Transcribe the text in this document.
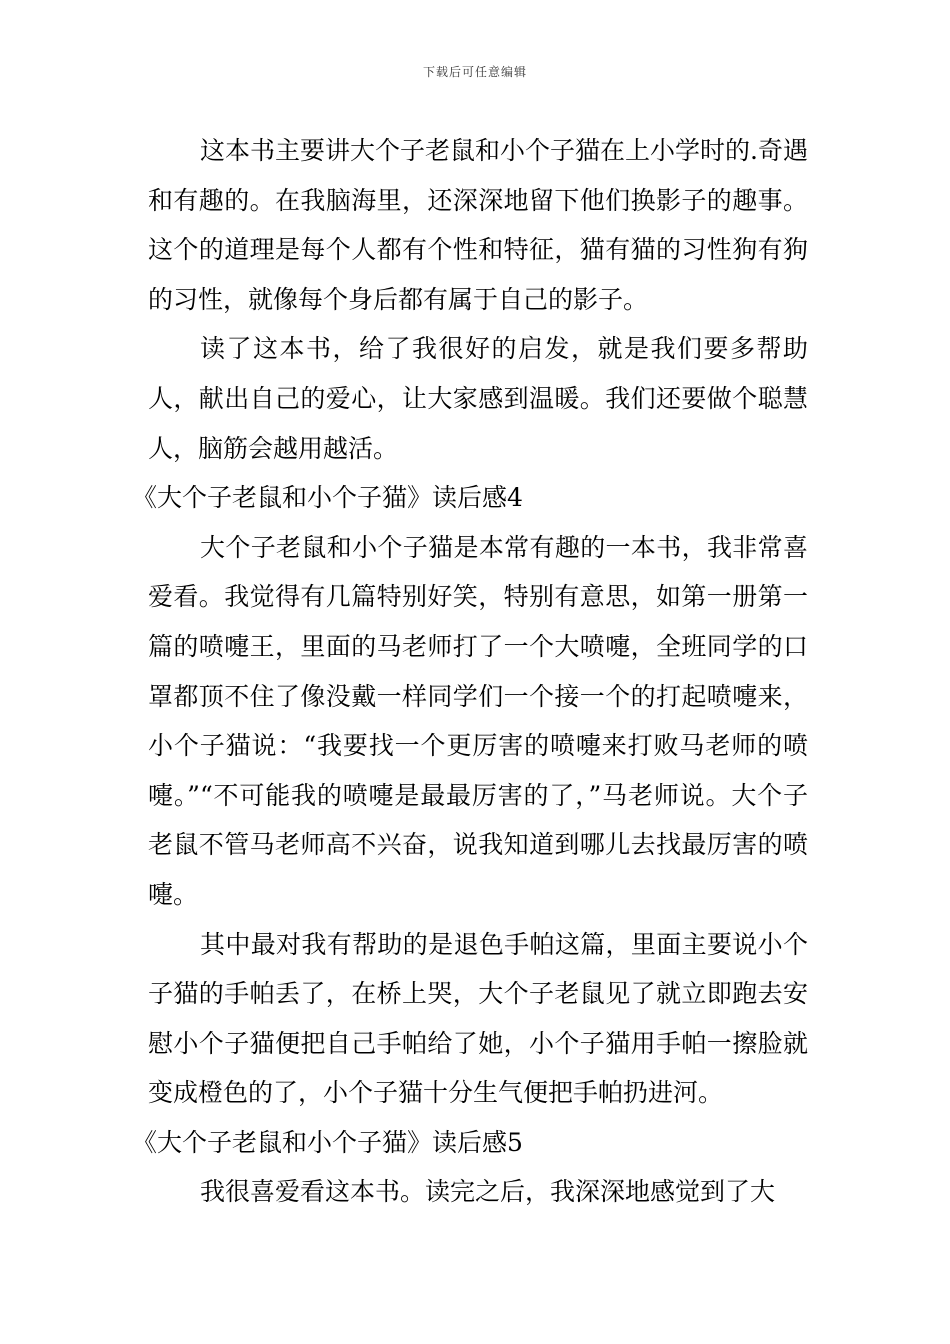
下载后可任意编辑

这本书主要讲大个子老鼠和小个子猫在上小学时的.奇遇和有趣的。在我脑海里，还深深地留下他们换影子的趣事。这个的道理是每个人都有个性和特征，猫有猫的习性狗有狗的习性，就像每个身后都有属于自己的影子。

读了这本书，给了我很好的启发，就是我们要多帮助人，献出自己的爱心，让大家感到温暖。我们还要做个聪慧人，脑筋会越用越活。

《大个子老鼠和小个子猫》读后感4

大个子老鼠和小个子猫是本常有趣的一本书，我非常喜爱看。我觉得有几篇特别好笑，特别有意思，如第一册第一篇的喷嚏王，里面的马老师打了一个大喷嚏，全班同学的口罩都顶不住了像没戴一样同学们一个接一个的打起喷嚏来，小个子猫说：“我要找一个更厉害的喷嚏来打败马老师的喷嚏。”“不可能我的喷嚏是最最厉害的了，”马老师说。大个子老鼠不管马老师高不兴奋，说我知道到哪儿去找最厉害的喷嚏。

其中最对我有帮助的是退色手帕这篇，里面主要说小个子猫的手帕丢了，在桥上哭，大个子老鼠见了就立即跑去安慰小个子猫便把自己手帕给了她，小个子猫用手帕一擦脸就变成橙色的了，小个子猫十分生气便把手帕扔进河。

《大个子老鼠和小个子猫》读后感5

我很喜爱看这本书。读完之后，我深深地感觉到了大
